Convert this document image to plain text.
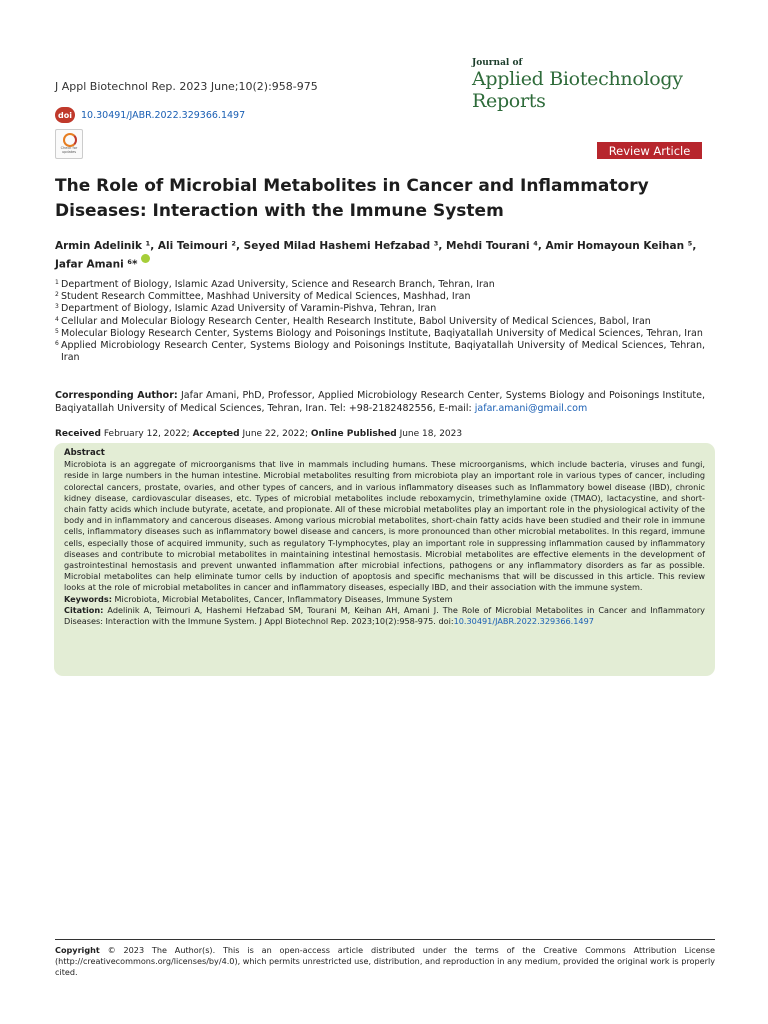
J Appl Biotechnol Rep. 2023 June;10(2):958-975
doi 10.30491/JABR.2022.329366.1497
Check for updates
Journal of
Applied Biotechnology
Reports
Review Article
The Role of Microbial Metabolites in Cancer and Inflammatory Diseases: Interaction with the Immune System
Armin Adelinik ¹, Ali Teimouri ², Seyed Milad Hashemi Hefzabad ³, Mehdi Tourani ⁴, Amir Homayoun Keihan ⁵,
Jafar Amani ⁶*
1 Department of Biology, Islamic Azad University, Science and Research Branch, Tehran, Iran
2 Student Research Committee, Mashhad University of Medical Sciences, Mashhad, Iran
3 Department of Biology, Islamic Azad University of Varamin-Pishva, Tehran, Iran
4 Cellular and Molecular Biology Research Center, Health Research Institute, Babol University of Medical Sciences, Babol, Iran
5 Molecular Biology Research Center, Systems Biology and Poisonings Institute, Baqiyatallah University of Medical Sciences, Tehran, Iran
6 Applied Microbiology Research Center, Systems Biology and Poisonings Institute, Baqiyatallah University of Medical Sciences, Tehran, Iran
Corresponding Author: Jafar Amani, PhD, Professor, Applied Microbiology Research Center, Systems Biology and Poisonings Institute, Baqiyatallah University of Medical Sciences, Tehran, Iran. Tel: +98-2182482556, E-mail: jafar.amani@gmail.com
Received February 12, 2022; Accepted June 22, 2022; Online Published June 18, 2023
Abstract

Microbiota is an aggregate of microorganisms that live in mammals including humans. These microorganisms, which include bacteria, viruses and fungi, reside in large numbers in the human intestine. Microbial metabolites resulting from microbiota play an important role in various types of cancer, including colorectal cancers, prostate, ovaries, and other types of cancers, and in various inflammatory diseases such as Inflammatory bowel disease (IBD), chronic kidney disease, cardiovascular diseases, etc. Types of microbial metabolites include reboxamycin, trimethylamine oxide (TMAO), lactacystine, and short-chain fatty acids which include butyrate, acetate, and propionate. All of these microbial metabolites play an important role in the physiological activity of the body and in inflammatory and cancerous diseases. Among various microbial metabolites, short-chain fatty acids have been studied and their role in immune cells, inflammatory diseases such as inflammatory bowel disease and cancers, is more pronounced than other microbial metabolites. In this regard, immune cells, especially those of acquired immunity, such as regulatory T-lymphocytes, play an important role in suppressing inflammation caused by inflammatory diseases and contribute to microbial metabolites in maintaining intestinal hemostasis. Microbial metabolites are effective elements in the development of gastrointestinal hemostasis and prevent unwanted inflammation after microbial infections, pathogens or any inflammatory disorders as far as possible. Microbial metabolites can help eliminate tumor cells by induction of apoptosis and specific mechanisms that will be discussed in this article. This review looks at the role of microbial metabolites in cancer and inflammatory diseases, especially IBD, and their association with the immune system.

Keywords: Microbiota, Microbial Metabolites, Cancer, Inflammatory Diseases, Immune System

Citation: Adelinik A, Teimouri A, Hashemi Hefzabad SM, Tourani M, Keihan AH, Amani J. The Role of Microbial Metabolites in Cancer and Inflammatory Diseases: Interaction with the Immune System. J Appl Biotechnol Rep. 2023;10(2):958-975. doi:10.30491/JABR.2022.329366.1497

Copyright © 2023 The Author(s). This is an open-access article distributed under the terms of the Creative Commons Attribution License (http://creativecommons.org/licenses/by/4.0), which permits unrestricted use, distribution, and reproduction in any medium, provided the original work is properly cited.
